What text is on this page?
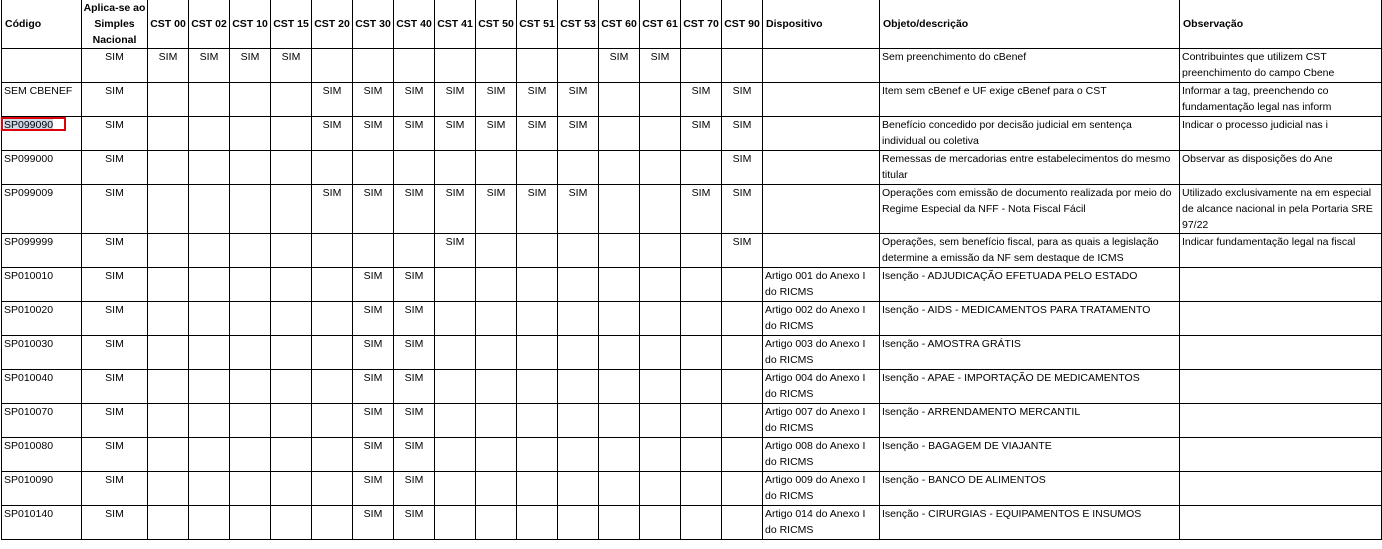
Código	Aplica-se ao Simples Nacional	CST 00	CST 02	CST 10	CST 15	CST 20	CST 30	CST 40	CST 41	CST 50	CST 51	CST 53	CST 60	CST 61	CST 70	CST 90	Dispositivo	Objeto/descrição	Observação
	SIM	SIM	SIM	SIM	SIM								SIM	SIM				Sem preenchimento do cBenef	Contribuintes que utilizem CST preenchimento do campo Cbene
SEM CBENEF	SIM					SIM	SIM	SIM	SIM	SIM	SIM	SIM			SIM	SIM		Item sem cBenef e UF exige cBenef para o CST	Informar a tag, preenchendo co fundamentação legal nas inform
SP099090	SIM					SIM	SIM	SIM	SIM	SIM	SIM	SIM			SIM	SIM		Benefício concedido por decisão judicial em sentença individual ou coletiva	Indicar o processo judicial nas i
SP099000	SIM															SIM		Remessas de mercadorias entre estabelecimentos do mesmo titular	Observar as disposições do Ane
SP099009	SIM					SIM	SIM	SIM	SIM	SIM	SIM	SIM			SIM	SIM		Operações com emissão de documento realizada por meio do Regime Especial da NFF - Nota Fiscal Fácil	Utilizado exclusivamente na em especial de alcance nacional in pela Portaria SRE 97/22
SP099999	SIM								SIM							SIM		Operações, sem benefício fiscal, para as quais a legislação determine a emissão da NF sem destaque de ICMS	Indicar fundamentação legal na fiscal
SP010010	SIM						SIM	SIM									Artigo 001 do Anexo I do RICMS	Isenção - ADJUDICAÇÃO EFETUADA PELO ESTADO	
SP010020	SIM						SIM	SIM									Artigo 002 do Anexo I do RICMS	Isenção - AIDS - MEDICAMENTOS PARA TRATAMENTO	
SP010030	SIM						SIM	SIM									Artigo 003 do Anexo I do RICMS	Isenção - AMOSTRA GRÁTIS	
SP010040	SIM						SIM	SIM									Artigo 004 do Anexo I do RICMS	Isenção - APAE - IMPORTAÇÃO DE MEDICAMENTOS	
SP010070	SIM						SIM	SIM									Artigo 007 do Anexo I do RICMS	Isenção - ARRENDAMENTO MERCANTIL	
SP010080	SIM						SIM	SIM									Artigo 008 do Anexo I do RICMS	Isenção - BAGAGEM DE VIAJANTE	
SP010090	SIM						SIM	SIM									Artigo 009 do Anexo I do RICMS	Isenção - BANCO DE ALIMENTOS	
SP010140	SIM						SIM	SIM									Artigo 014 do Anexo I do RICMS	Isenção - CIRURGIAS - EQUIPAMENTOS E INSUMOS	
